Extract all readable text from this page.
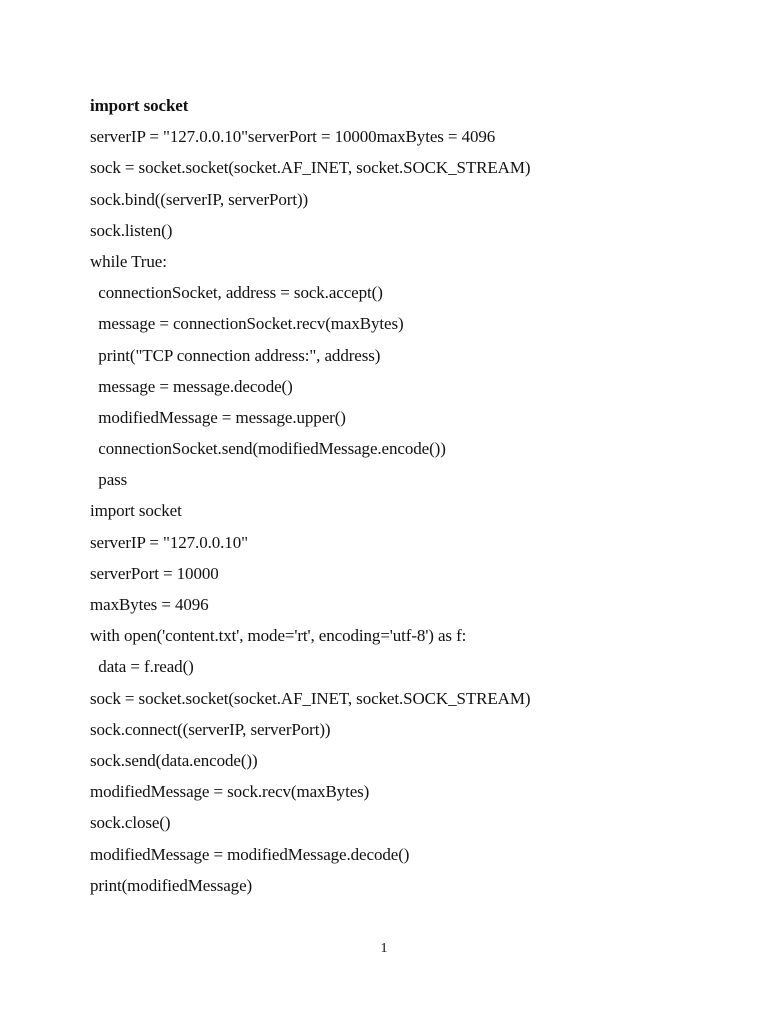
import socket
serverIP = "127.0.0.10"serverPort = 10000maxBytes = 4096
sock = socket.socket(socket.AF_INET, socket.SOCK_STREAM)
sock.bind((serverIP, serverPort))
sock.listen()
while True:
connectionSocket, address = sock.accept()
message = connectionSocket.recv(maxBytes)
print("TCP connection address:", address)
message = message.decode()
modifiedMessage = message.upper()
connectionSocket.send(modifiedMessage.encode())
pass
import socket
serverIP = "127.0.0.10"
serverPort = 10000
maxBytes = 4096
with open('content.txt', mode='rt', encoding='utf-8') as f:
data = f.read()
sock = socket.socket(socket.AF_INET, socket.SOCK_STREAM)
sock.connect((serverIP, serverPort))
sock.send(data.encode())
modifiedMessage = sock.recv(maxBytes)
sock.close()
modifiedMessage = modifiedMessage.decode()
print(modifiedMessage)
1
